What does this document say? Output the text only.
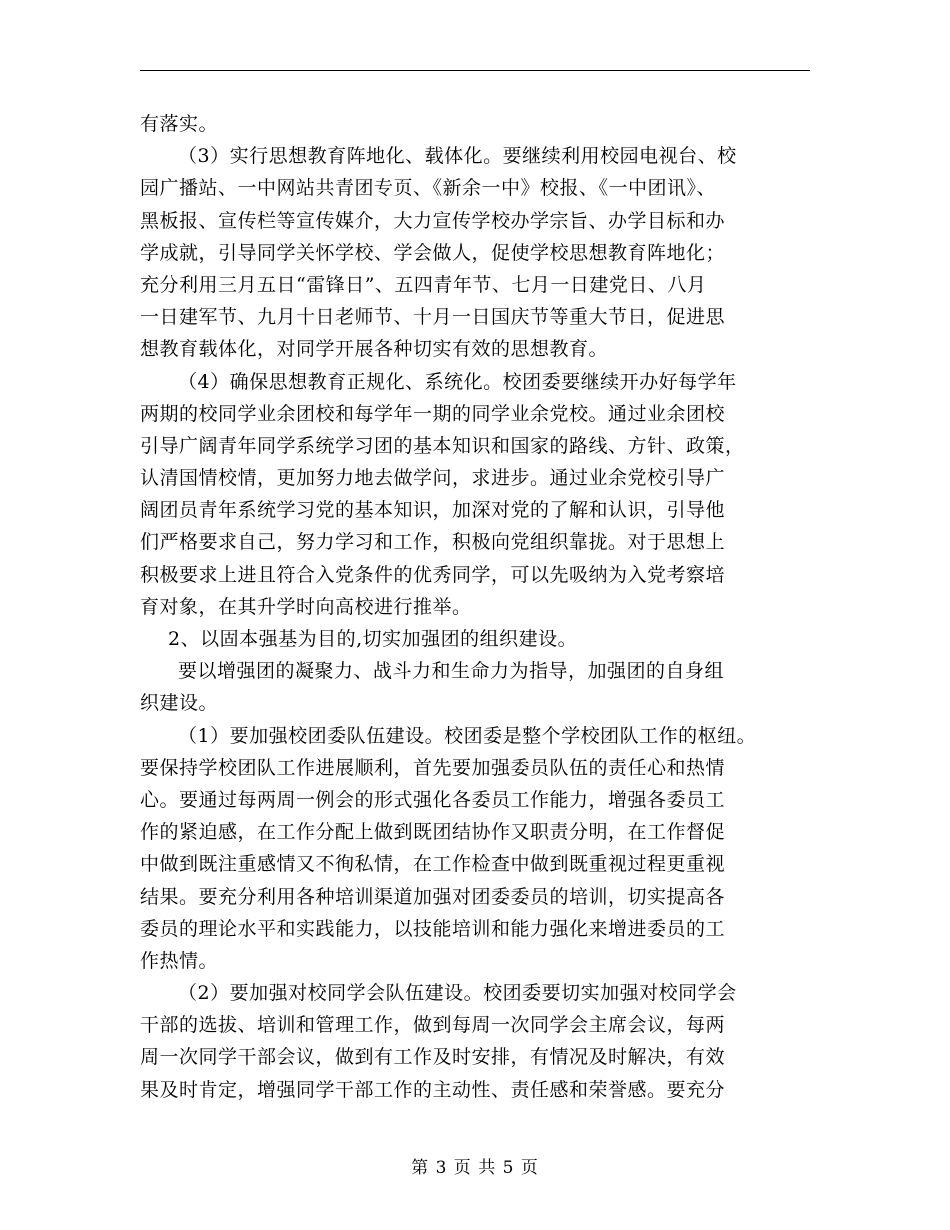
有落实。
（3）实行思想教育阵地化、载体化。要继续利用校园电视台、校
园广播站、一中网站共青团专页、《新余一中》校报、《一中团讯》、
黑板报、宣传栏等宣传媒介，大力宣传学校办学宗旨、办学目标和办
学成就，引导同学关怀学校、学会做人，促使学校思想教育阵地化；
充分利用三月五日“雷锋日”、五四青年节、七月一日建党日、八月
一日建军节、九月十日老师节、十月一日国庆节等重大节日，促进思
想教育载体化，对同学开展各种切实有效的思想教育。
（4）确保思想教育正规化、系统化。校团委要继续开办好每学年
两期的校同学业余团校和每学年一期的同学业余党校。通过业余团校
引导广阔青年同学系统学习团的基本知识和国家的路线、方针、政策，
认清国情校情，更加努力地去做学问，求进步。通过业余党校引导广
阔团员青年系统学习党的基本知识，加深对党的了解和认识，引导他
们严格要求自己，努力学习和工作，积极向党组织靠拢。对于思想上
积极要求上进且符合入党条件的优秀同学，可以先吸纳为入党考察培
育对象，在其升学时向高校进行推举。
2、以固本强基为目的,切实加强团的组织建设。
要以增强团的凝聚力、战斗力和生命力为指导，加强团的自身组
织建设。
（1）要加强校团委队伍建设。校团委是整个学校团队工作的枢纽。
要保持学校团队工作进展顺利，首先要加强委员队伍的责任心和热情
心。要通过每两周一例会的形式强化各委员工作能力，增强各委员工
作的紧迫感，在工作分配上做到既团结协作又职责分明，在工作督促
中做到既注重感情又不徇私情，在工作检查中做到既重视过程更重视
结果。要充分利用各种培训渠道加强对团委委员的培训，切实提高各
委员的理论水平和实践能力，以技能培训和能力强化来增进委员的工
作热情。
（2）要加强对校同学会队伍建设。校团委要切实加强对校同学会
干部的选拔、培训和管理工作，做到每周一次同学会主席会议，每两
周一次同学干部会议，做到有工作及时安排，有情况及时解决，有效
果及时肯定，增强同学干部工作的主动性、责任感和荣誉感。要充分
第 3 页 共 5 页
